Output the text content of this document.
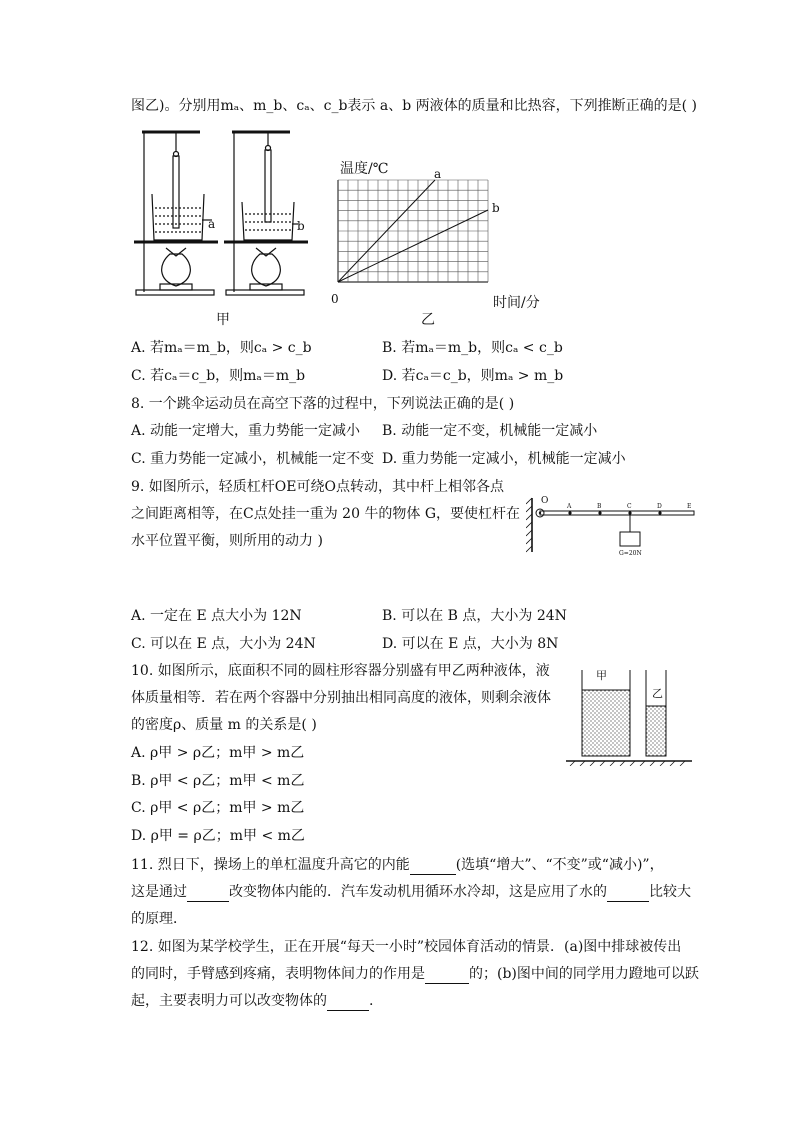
图乙)。分别用mₐ、m_b、cₐ、c_b表示 a、b 两液体的质量和比热容，下列推断正确的是( )
a	b
甲
温度/℃	a
b
0	时间/分
乙
A. 若mₐ＝m_b，则cₐ > c_b	B. 若mₐ＝m_b，则cₐ < c_b
C. 若cₐ＝c_b，则mₐ＝m_b	D. 若cₐ＝c_b，则mₐ > m_b
8. 一个跳伞运动员在高空下落的过程中，下列说法正确的是( )
A. 动能一定增大，重力势能一定减小 B. 动能一定不变，机械能一定减小
C. 重力势能一定减小，机械能一定不变 D. 重力势能一定减小，机械能一定减小
9. 如图所示，轻质杠杆OE可绕O点转动，其中杆上相邻各点
之间距离相等，在C点处挂一重为 20 牛的物体 G，要使杠杆在
水平位置平衡，则所用的动力 )
O
A	B	C	D	E
G=20N
A. 一定在 E 点大小为 12N	B. 可以在 B 点，大小为 24N
C. 可以在 E 点，大小为 24N	D. 可以在 E 点，大小为 8N
10. 如图所示，底面积不同的圆柱形容器分别盛有甲乙两种液体，液
体质量相等．若在两个容器中分别抽出相同高度的液体，则剩余液体
的密度ρ、质量 m 的关系是( )
甲
乙
A. ρ甲 > ρ乙；m甲 > m乙
B. ρ甲 < ρ乙；m甲 < m乙
C. ρ甲 < ρ乙；m甲 > m乙
D. ρ甲 = ρ乙；m甲 < m乙
11. 烈日下，操场上的单杠温度升高它的内能	(选填“增大”、“不变”或“减小)”，
这是通过	改变物体内能的．汽车发动机用循环水冷却，这是应用了水的	比较大
的原理．
12. 如图为某学校学生，正在开展“每天一小时”校园体育活动的情景．(a)图中排球被传出
的同时，手臂感到疼痛，表明物体间力的作用是	的；(b)图中间的同学用力蹬地可以跃
起，主要表明力可以改变物体的	.
